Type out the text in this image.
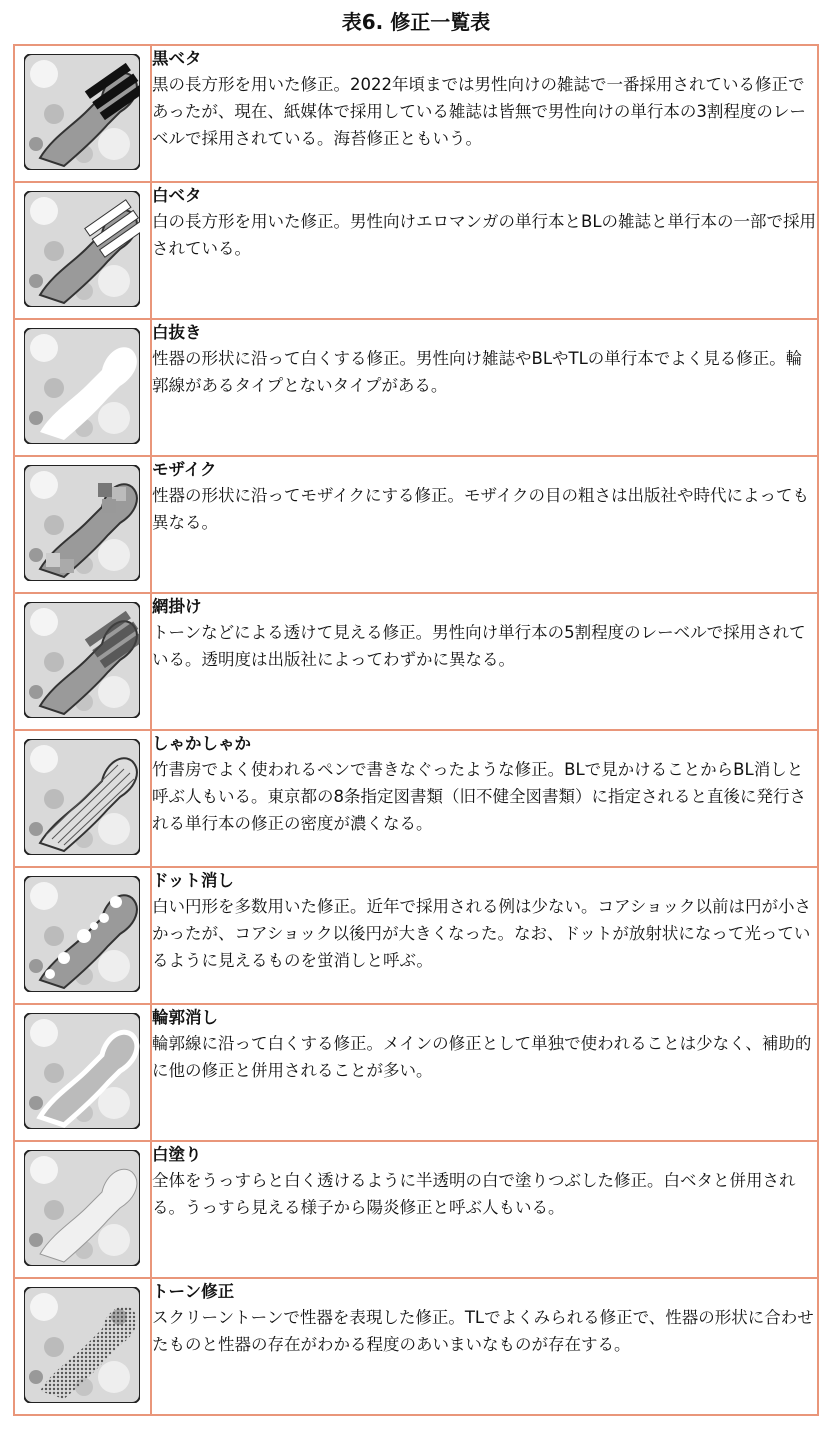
表6. 修正一覧表

黒ベタ

黒の長方形を用いた修正。2022年頃までは男性向けの雑誌で一番採用されている修正であったが、現在、紙媒体で採用している雑誌は皆無で男性向けの単行本の3割程度のレーベルで採用されている。海苔修正ともいう。

白ベタ

白の長方形を用いた修正。男性向けエロマンガの単行本とBLの雑誌と単行本の一部で採用されている。

白抜き

性器の形状に沿って白くする修正。男性向け雑誌やBLやTLの単行本でよく見る修正。輪郭線があるタイプとないタイプがある。

モザイク

性器の形状に沿ってモザイクにする修正。モザイクの目の粗さは出版社や時代によっても異なる。

網掛け

トーンなどによる透けて見える修正。男性向け単行本の5割程度のレーベルで採用されている。透明度は出版社によってわずかに異なる。

しゃかしゃか

竹書房でよく使われるペンで書きなぐったような修正。BLで見かけることからBL消しと呼ぶ人もいる。東京都の8条指定図書類（旧不健全図書類）に指定されると直後に発行される単行本の修正の密度が濃くなる。

ドット消し

白い円形を多数用いた修正。近年で採用される例は少ない。コアショック以前は円が小さかったが、コアショック以後円が大きくなった。なお、ドットが放射状になって光っているように見えるものを蛍消しと呼ぶ。

輪郭消し

輪郭線に沿って白くする修正。メインの修正として単独で使われることは少なく、補助的に他の修正と併用されることが多い。

白塗り

全体をうっすらと白く透けるように半透明の白で塗りつぶした修正。白ベタと併用される。うっすら見える様子から陽炎修正と呼ぶ人もいる。

トーン修正

スクリーントーンで性器を表現した修正。TLでよくみられる修正で、性器の形状に合わせたものと性器の存在がわかる程度のあいまいなものが存在する。
